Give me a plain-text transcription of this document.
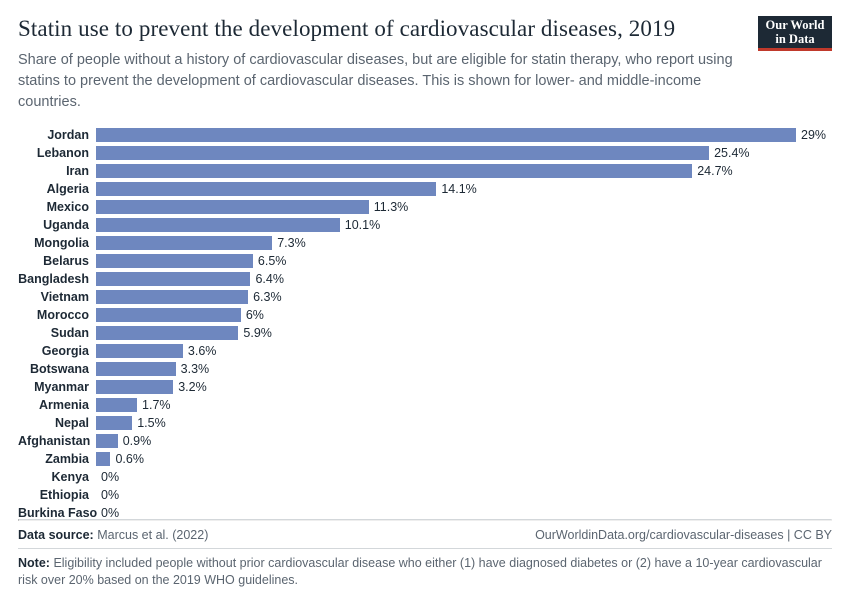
Statin use to prevent the development of cardiovascular diseases, 2019

Share of people without a history of cardiovascular diseases, but are eligible for statin therapy, who report using statins to prevent the development of cardiovascular diseases. This is shown for lower- and middle-income countries.

Our World
in Data
Jordan	29%
Lebanon	25.4%
Iran	24.7%
Algeria	14.1%
Mexico	11.3%
Uganda	10.1%
Mongolia	7.3%
Belarus	6.5%
Bangladesh	6.4%
Vietnam	6.3%
Morocco	6%
Sudan	5.9%
Georgia	3.6%
Botswana	3.3%
Myanmar	3.2%
Armenia	1.7%
Nepal	1.5%
Afghanistan	0.9%
Zambia	0.6%
Kenya 0%
Ethiopia 0%
Burkina Faso 0%
Data source: Marcus et al. (2022)	OurWorldinData.org/cardiovascular-diseases | CC BY
Note: Eligibility included people without prior cardiovascular disease who either (1) have diagnosed diabetes or (2) have a 10-year cardiovascular risk over 20% based on the 2019 WHO guidelines.
